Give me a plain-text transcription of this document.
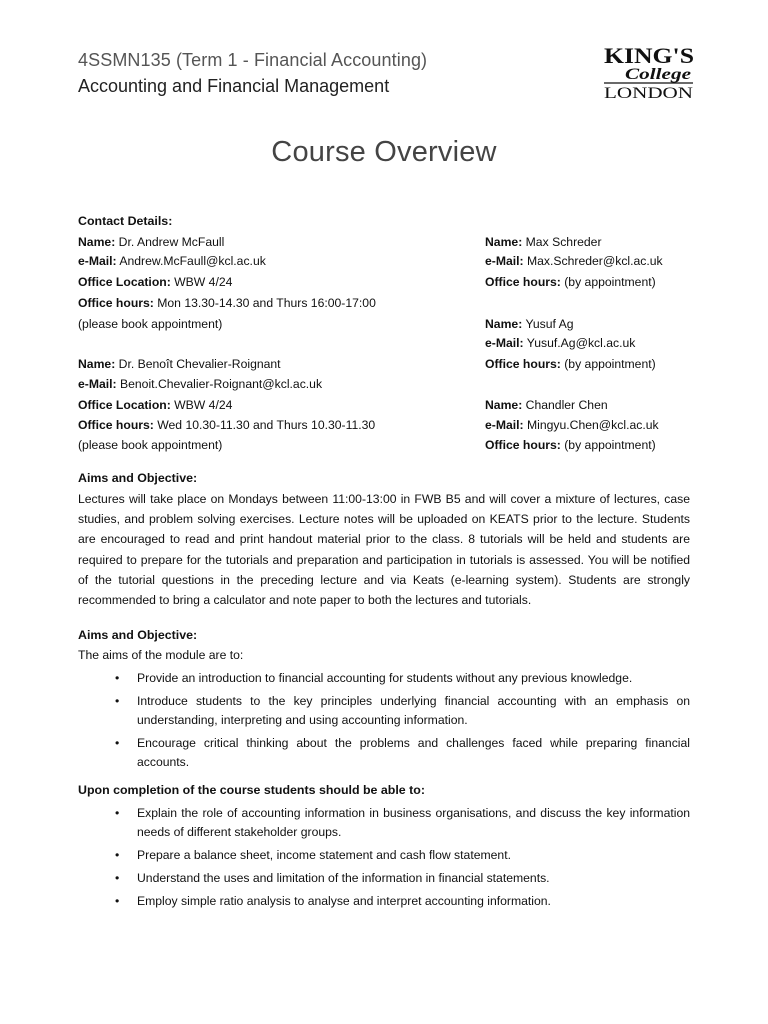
4SSMN135 (Term 1 - Financial Accounting)
Accounting and Financial Management
KING'S
College
LONDON
Course Overview
Contact Details:
Name: Dr. Andrew McFaull
e-Mail: Andrew.McFaull@kcl.ac.uk
Office Location: WBW 4/24
Office hours: Mon 13.30-14.30 and Thurs 16:00-17:00
(please book appointment)
Name: Dr. Benoît Chevalier-Roignant
e-Mail: Benoit.Chevalier-Roignant@kcl.ac.uk
Office Location: WBW 4/24
Office hours: Wed 10.30-11.30 and Thurs 10.30-11.30
(please book appointment)
Name: Max Schreder
e-Mail: Max.Schreder@kcl.ac.uk
Office hours: (by appointment)
Name: Yusuf Ag
e-Mail: Yusuf.Ag@kcl.ac.uk
Office hours: (by appointment)
Name: Chandler Chen
e-Mail: Mingyu.Chen@kcl.ac.uk
Office hours: (by appointment)
Aims and Objective:
Lectures will take place on Mondays between 11:00-13:00 in FWB B5 and will cover a mixture of lectures, case studies, and problem solving exercises. Lecture notes will be uploaded on KEATS prior to the lecture. Students are encouraged to read and print handout material prior to the class. 8 tutorials will be held and students are required to prepare for the tutorials and preparation and participation in tutorials is assessed. You will be notified of the tutorial questions in the preceding lecture and via Keats (e-learning system). Students are strongly recommended to bring a calculator and note paper to both the lectures and tutorials.
Aims and Objective:
The aims of the module are to:
• Provide an introduction to financial accounting for students without any previous knowledge.
• Introduce students to the key principles underlying financial accounting with an emphasis on understanding, interpreting and using accounting information.
• Encourage critical thinking about the problems and challenges faced while preparing financial accounts.
Upon completion of the course students should be able to:
• Explain the role of accounting information in business organisations, and discuss the key information needs of different stakeholder groups.
• Prepare a balance sheet, income statement and cash flow statement.
• Understand the uses and limitation of the information in financial statements.
• Employ simple ratio analysis to analyse and interpret accounting information.
